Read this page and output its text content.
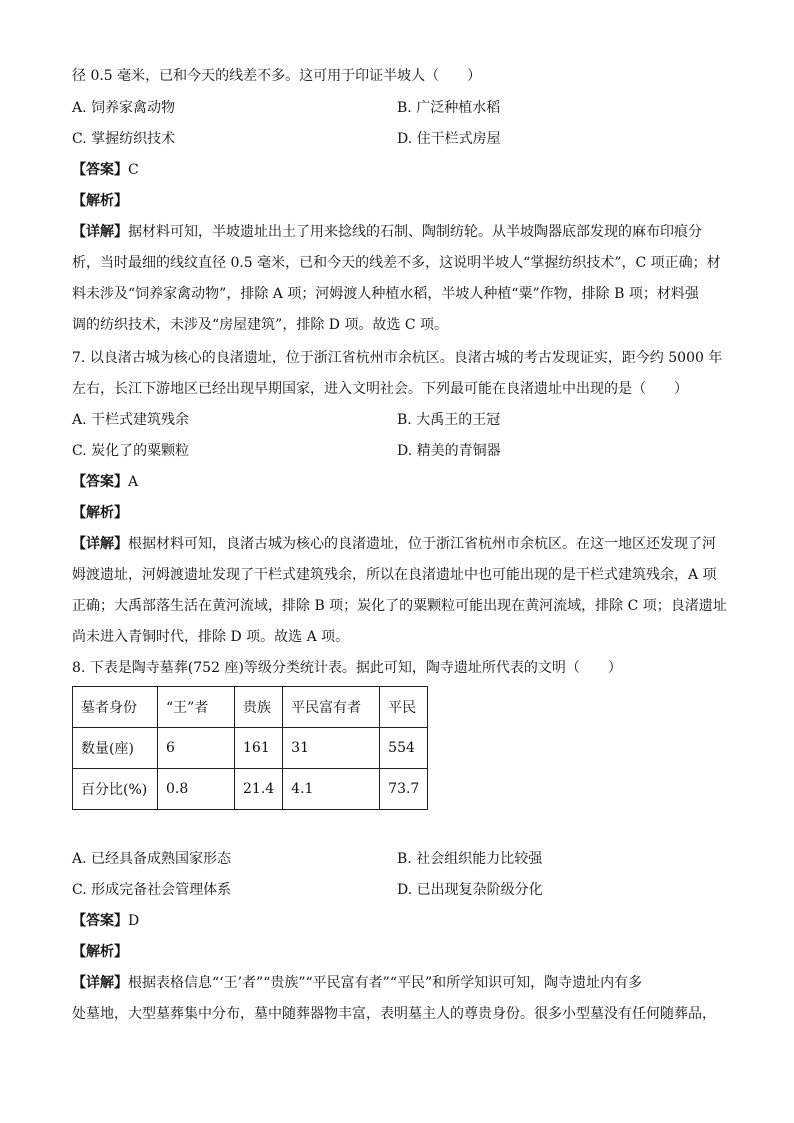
径 0.5 毫米，已和今天的线差不多。这可用于印证半坡人（　　）
A. 饲养家禽动物	B. 广泛种植水稻
C. 掌握纺织技术	D. 住干栏式房屋
【答案】C
【解析】
【详解】据材料可知，半坡遗址出土了用来捻线的石制、陶制纺轮。从半坡陶器底部发现的麻布印痕分
析，当时最细的线纹直径 0.5 毫米，已和今天的线差不多，这说明半坡人“掌握纺织技术”，C 项正确；材
料未涉及“饲养家禽动物”，排除 A 项；河姆渡人种植水稻，半坡人种植“粟”作物，排除 B 项；材料强
调的纺织技术，未涉及“房屋建筑”，排除 D 项。故选 C 项。
7. 以良渚古城为核心的良渚遗址，位于浙江省杭州市余杭区。良渚古城的考古发现证实，距今约 5000 年
左右，长江下游地区已经出现早期国家，进入文明社会。下列最可能在良渚遗址中出现的是（　　）
A. 干栏式建筑残余	B. 大禹王的王冠
C. 炭化了的粟颗粒	D. 精美的青铜器
【答案】A
【解析】
【详解】根据材料可知，良渚古城为核心的良渚遗址，位于浙江省杭州市余杭区。在这一地区还发现了河
姆渡遗址，河姆渡遗址发现了干栏式建筑残余，所以在良渚遗址中也可能出现的是干栏式建筑残余，A 项
正确；大禹部落生活在黄河流域，排除 B 项；炭化了的粟颗粒可能出现在黄河流域，排除 C 项；良渚遗址
尚未进入青铜时代，排除 D 项。故选 A 项。
8. 下表是陶寺墓葬(752 座)等级分类统计表。据此可知，陶寺遗址所代表的文明（　　）
墓者身份	“王”者	贵族	平民富有者	平民
数量(座)	6	161	31	554
百分比(%)	0.8	21.4	4.1	73.7
A. 已经具备成熟国家形态	B. 社会组织能力比较强
C. 形成完备社会管理体系	D. 已出现复杂阶级分化
【答案】D
【解析】
【详解】根据表格信息“‘王’者”“贵族”“平民富有者”“平民”和所学知识可知，陶寺遗址内有多
处墓地，大型墓葬集中分布，墓中随葬器物丰富，表明墓主人的尊贵身份。很多小型墓没有任何随葬品，
